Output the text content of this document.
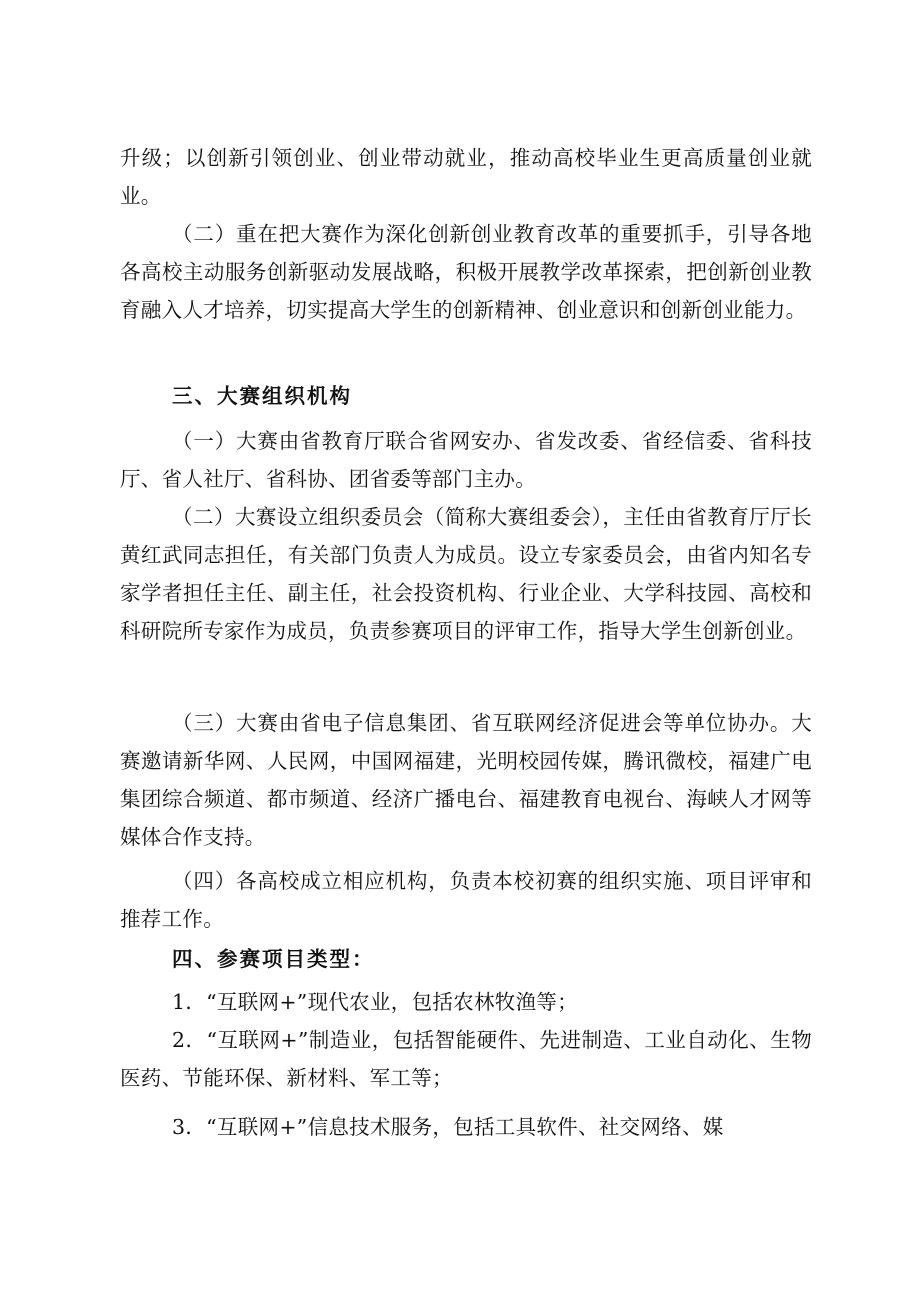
升级；以创新引领创业、创业带动就业，推动高校毕业生更高质量创业就业。

（二）重在把大赛作为深化创新创业教育改革的重要抓手，引导各地各高校主动服务创新驱动发展战略，积极开展教学改革探索，把创新创业教育融入人才培养，切实提高大学生的创新精神、创业意识和创新创业能力。

三、大赛组织机构

（一）大赛由省教育厅联合省网安办、省发改委、省经信委、省科技厅、省人社厅、省科协、团省委等部门主办。

（二）大赛设立组织委员会（简称大赛组委会），主任由省教育厅厅长黄红武同志担任，有关部门负责人为成员。设立专家委员会，由省内知名专家学者担任主任、副主任，社会投资机构、行业企业、大学科技园、高校和科研院所专家作为成员，负责参赛项目的评审工作，指导大学生创新创业。

（三）大赛由省电子信息集团、省互联网经济促进会等单位协办。大赛邀请新华网、人民网，中国网福建，光明校园传媒，腾讯微校，福建广电集团综合频道、都市频道、经济广播电台、福建教育电视台、海峡人才网等媒体合作支持。

（四）各高校成立相应机构，负责本校初赛的组织实施、项目评审和推荐工作。

四、参赛项目类型：

1．“互联网+”现代农业，包括农林牧渔等；

2．“互联网+”制造业，包括智能硬件、先进制造、工业自动化、生物医药、节能环保、新材料、军工等；

3．“互联网+”信息技术服务，包括工具软件、社交网络、媒
